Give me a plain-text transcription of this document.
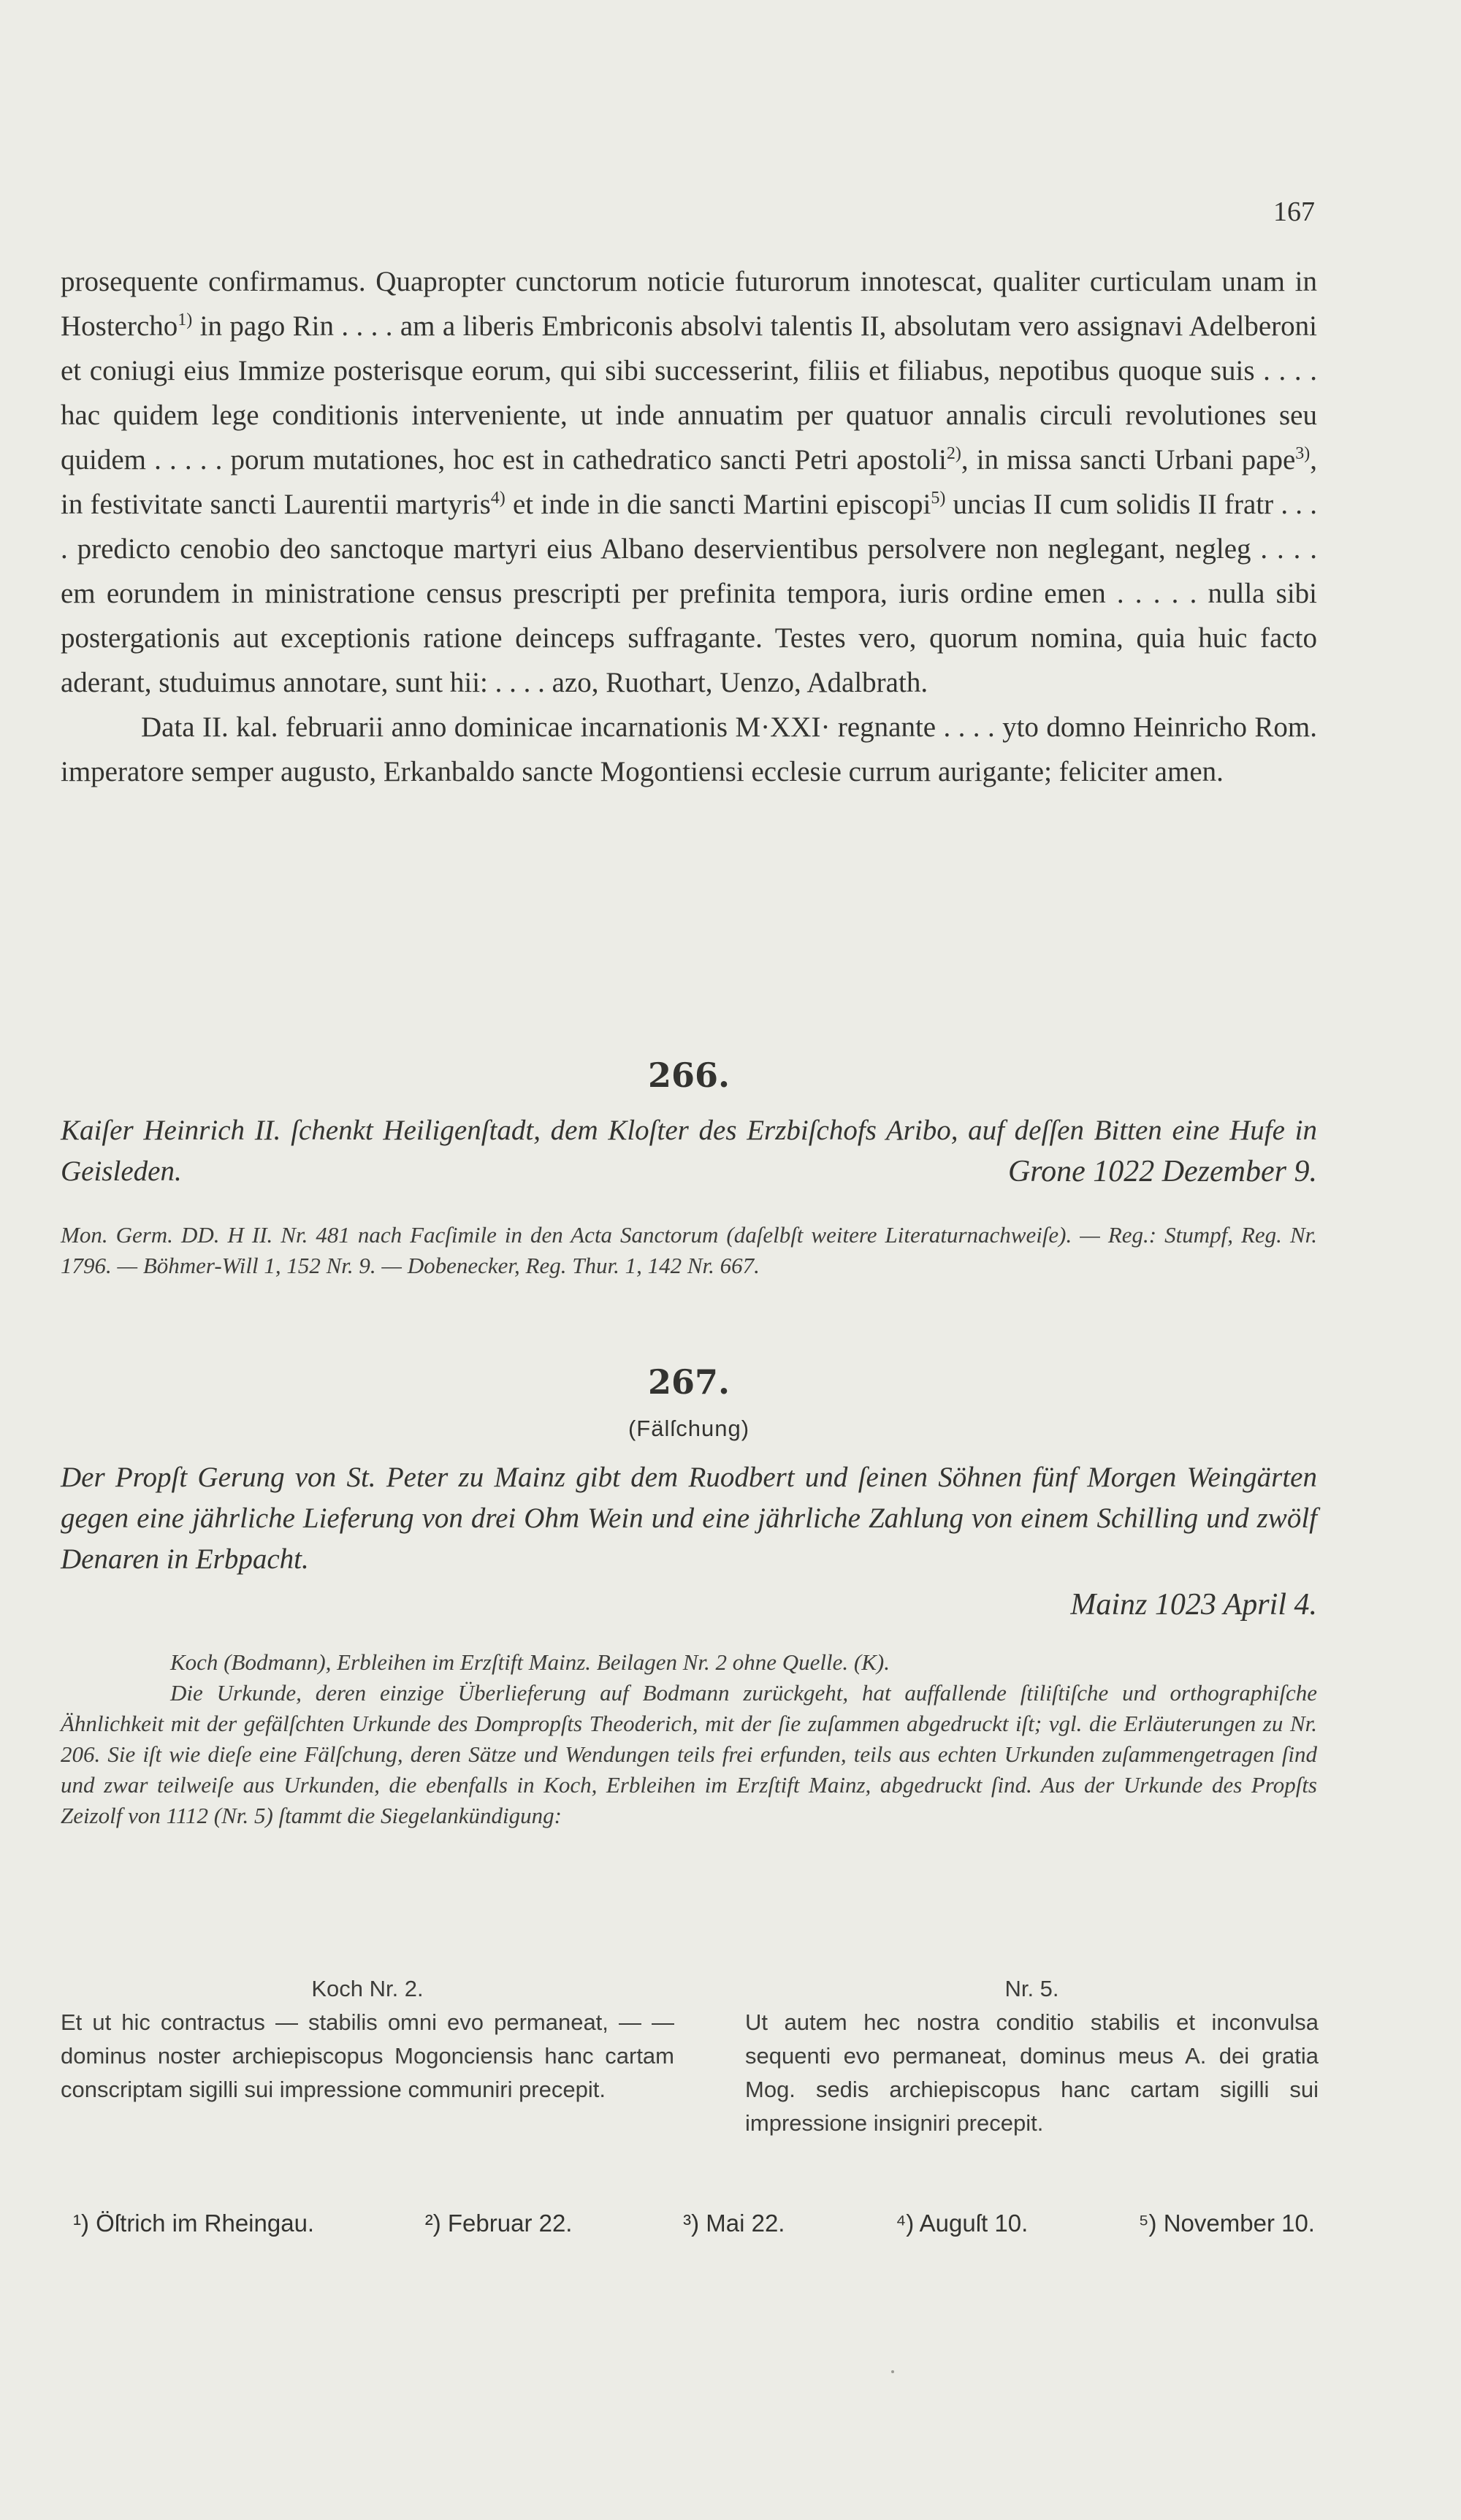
167

prosequente confirmamus. Quapropter cunctorum noticie futurorum innotescat, qualiter curticulam unam in Hostercho$^{1)}$ in pago Rin . . . . am a liberis Embriconis absolvi talentis II, absolutam vero assignavi Adelberoni et coniugi eius Immize posterisque eorum, qui sibi successerint, filiis et filiabus, nepotibus quoque suis . . . . hac quidem lege conditionis interveniente, ut inde annuatim per quatuor annalis circuli revolutiones seu quidem . . . . . porum mutationes, hoc est in cathedratico sancti Petri apostoli$^{2)}$, in missa sancti Urbani pape$^{3)}$, in festivitate sancti Laurentii martyris$^{4)}$ et inde in die sancti Martini episcopi$^{5)}$ uncias II cum solidis II fratr . . . . predicto cenobio deo sanctoque martyri eius Albano deservientibus persolvere non neglegant, negleg . . . . em eorundem in ministratione census prescripti per prefinita tempora, iuris ordine emen . . . . . nulla sibi postergationis aut exceptionis ratione deinceps suffragante. Testes vero, quorum nomina, quia huic facto aderant, studuimus annotare, sunt hii: . . . . azo, Ruothart, Uenzo, Adalbrath.

Data II. kal. februarii anno dominicae incarnationis M·XXI· regnante . . . . yto domno Heinricho Rom. imperatore semper augusto, Erkanbaldo sancte Mogontiensi ecclesie currum aurigante; feliciter amen.

266.
Kaiſer Heinrich II. ſchenkt Heiligenſtadt, dem Kloſter des Erzbiſchofs Aribo, auf deſſen Bitten eine Hufe in Geisleden.	Grone 1022 Dezember 9.
Mon. Germ. DD. H II. Nr. 481 nach Facſimile in den Acta Sanctorum (daſelbſt weitere Literaturnachweiſe). — Reg.: Stumpf, Reg. Nr. 1796. — Böhmer-Will 1, 152 Nr. 9. — Dobenecker, Reg. Thur. 1, 142 Nr. 667.
267.
(Fälſchung)
Der Propſt Gerung von St. Peter zu Mainz gibt dem Ruodbert und ſeinen Söhnen fünf Morgen Weingärten gegen eine jährliche Lieferung von drei Ohm Wein und eine jährliche Zahlung von einem Schilling und zwölf Denaren in Erbpacht.
Mainz 1023 April 4.

Koch (Bodmann), Erbleihen im Erzſtift Mainz. Beilagen Nr. 2 ohne Quelle. (K).

Die Urkunde, deren einzige Überlieferung auf Bodmann zurückgeht, hat auffallende ſtiliſtiſche und orthographiſche Ähnlichkeit mit der gefälſchten Urkunde des Dompropſts Theoderich, mit der ſie zuſammen abgedruckt iſt; vgl. die Erläuterungen zu Nr. 206. Sie iſt wie dieſe eine Fälſchung, deren Sätze und Wendungen teils frei erfunden, teils aus echten Urkunden zuſammengetragen ſind und zwar teilweiſe aus Urkunden, die ebenfalls in Koch, Erbleihen im Erzſtift Mainz, abgedruckt ſind. Aus der Urkunde des Propſts Zeizolf von 1112 (Nr. 5) ſtammt die Siegelankündigung:

Koch Nr. 2.
Et ut hic contractus — stabilis omni evo permaneat, — — dominus noster archiepiscopus Mogonciensis hanc cartam conscriptam sigilli sui impressione communiri precepit.
Nr. 5.
Ut autem hec nostra conditio stabilis et inconvulsa sequenti evo permaneat, dominus meus A. dei gratia Mog. sedis archiepiscopus hanc cartam sigilli sui impressione insigniri precepit.
¹) Öſtrich im Rheingau.	²) Februar 22.	³) Mai 22.	⁴) Auguſt 10.	⁵) November 10.
